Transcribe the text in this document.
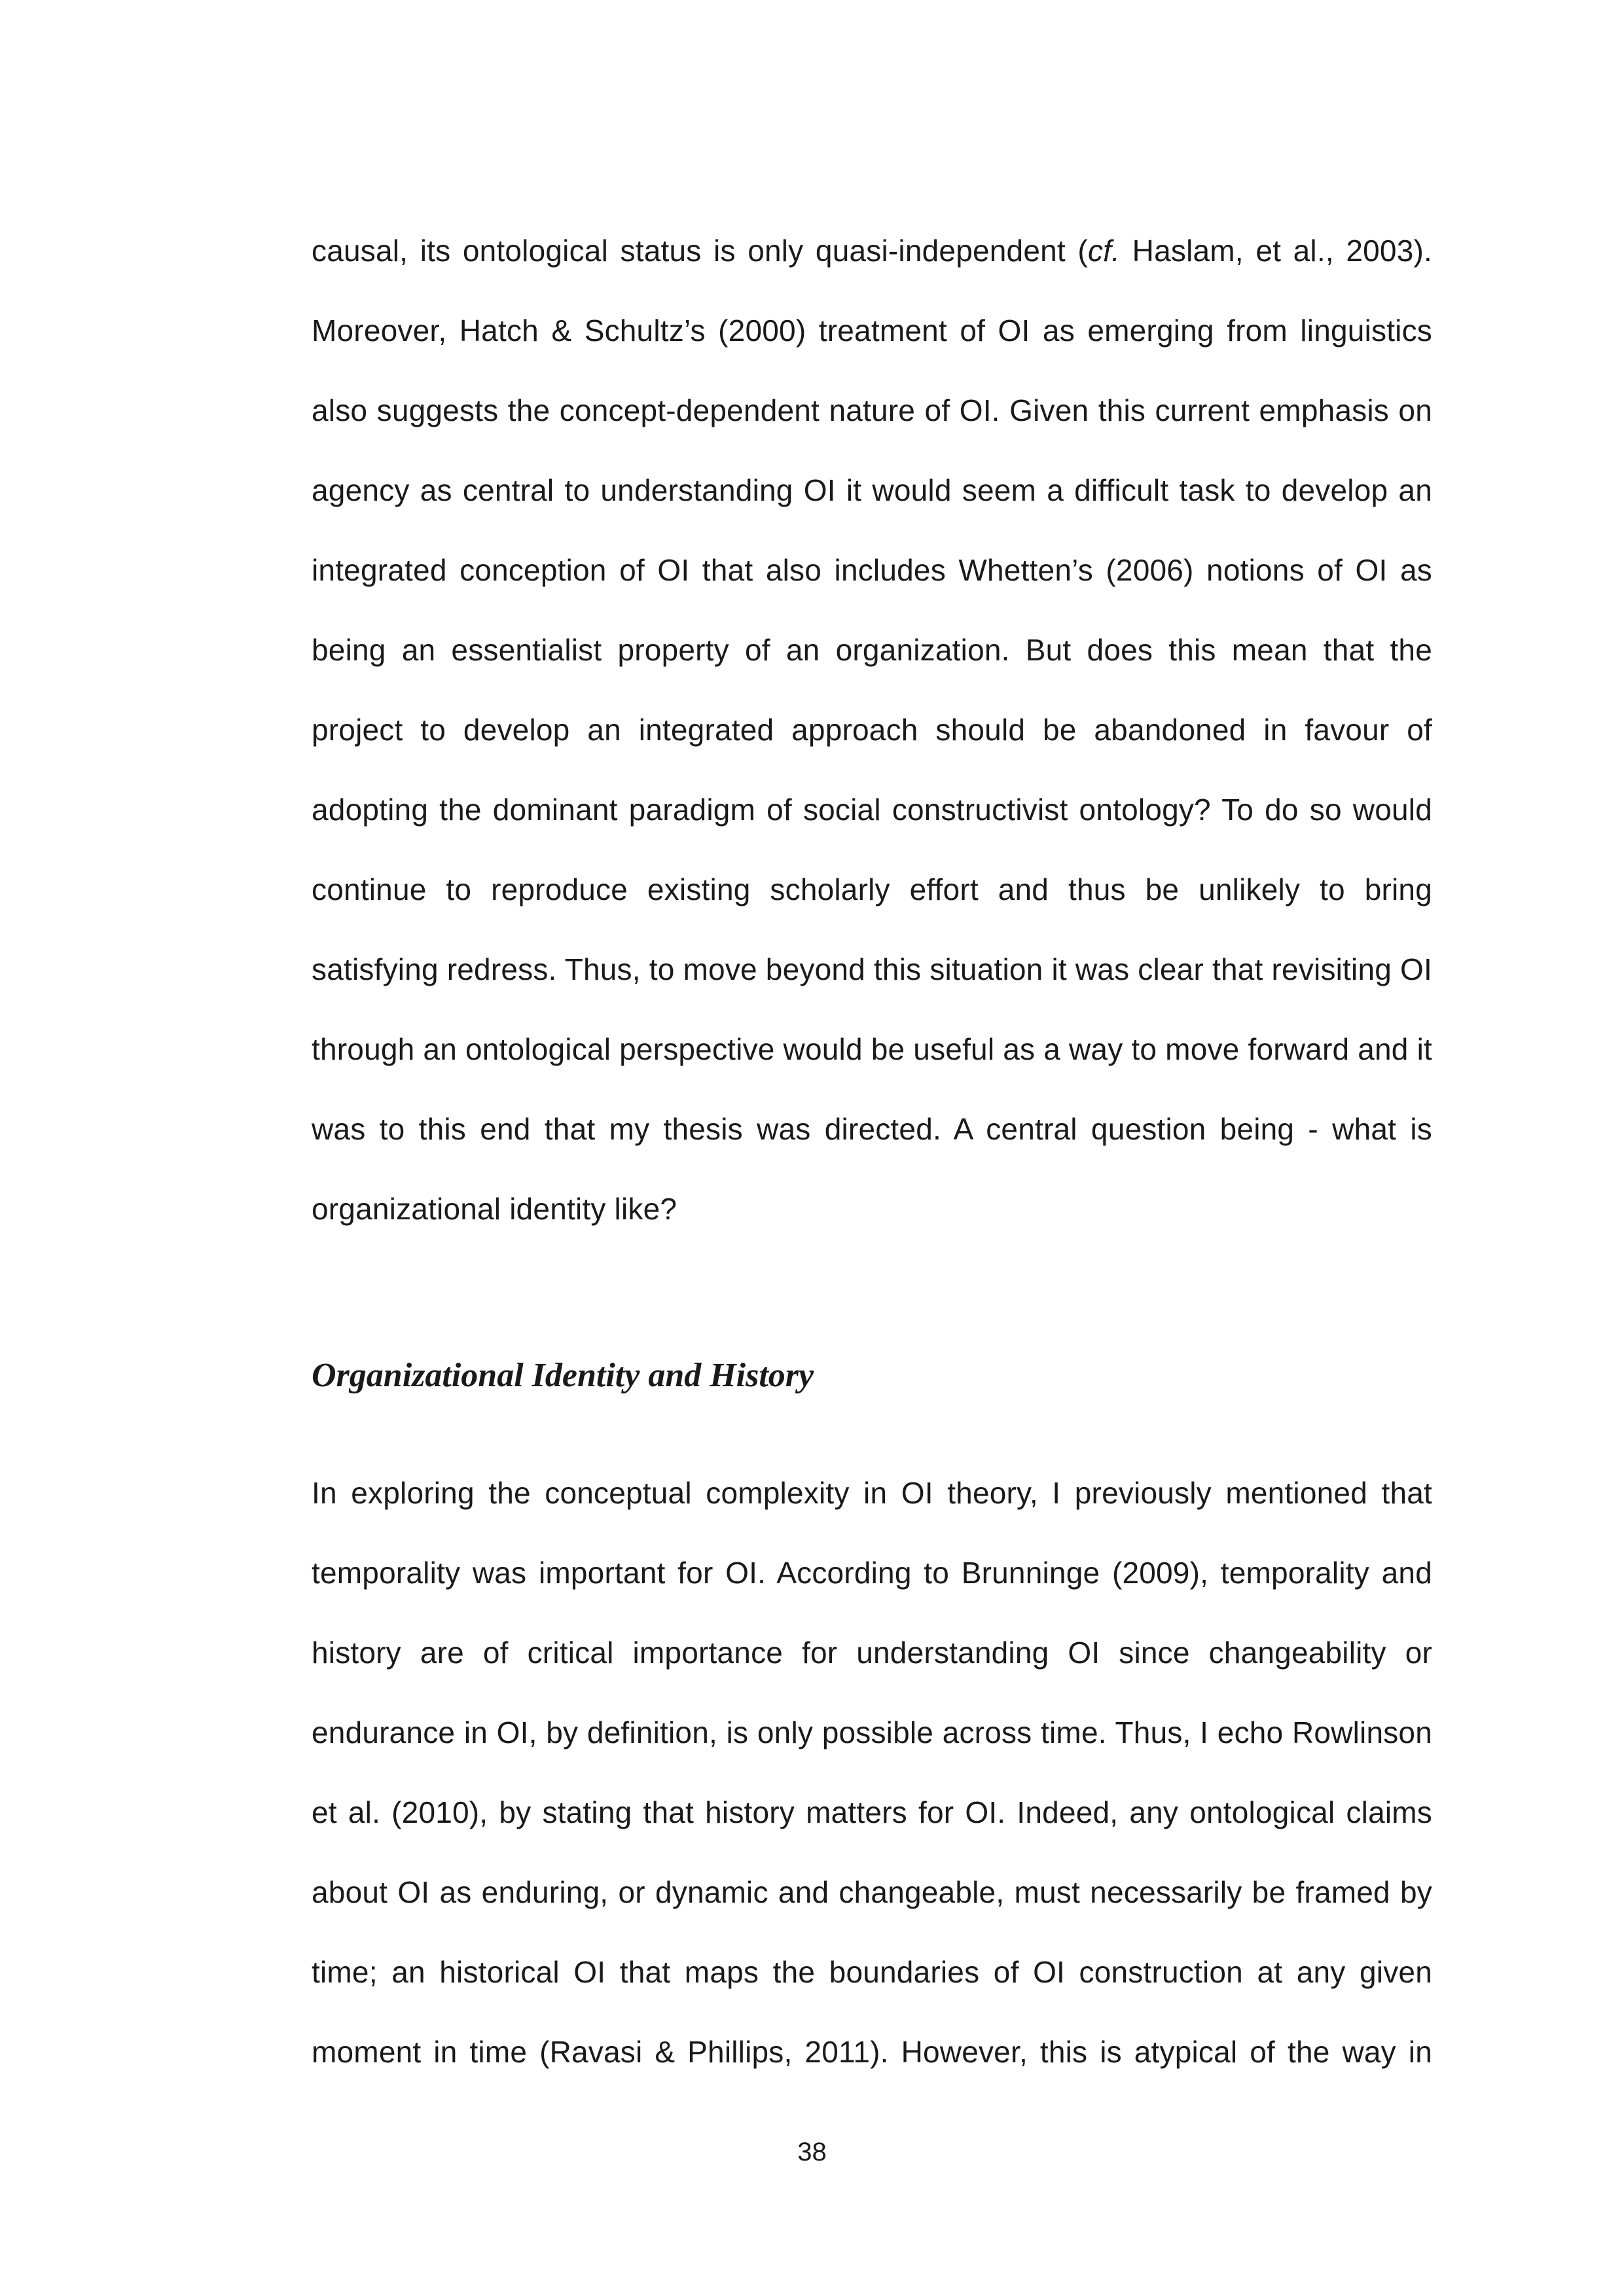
causal, its ontological status is only quasi-independent (cf. Haslam, et al., 2003).
Moreover, Hatch & Schultz’s (2000) treatment of OI as emerging from linguistics
also suggests the concept-dependent nature of OI. Given this current emphasis on
agency as central to understanding OI it would seem a difficult task to develop an
integrated conception of OI that also includes Whetten’s (2006) notions of OI as
being an essentialist property of an organization. But does this mean that the
project to develop an integrated approach should be abandoned in favour of
adopting the dominant paradigm of social constructivist ontology? To do so would
continue to reproduce existing scholarly effort and thus be unlikely to bring
satisfying redress. Thus, to move beyond this situation it was clear that revisiting OI
through an ontological perspective would be useful as a way to move forward and it
was to this end that my thesis was directed. A central question being - what is
organizational identity like?
Organizational Identity and History
In exploring the conceptual complexity in OI theory, I previously mentioned that
temporality was important for OI. According to Brunninge (2009), temporality and
history are of critical importance for understanding OI since changeability or
endurance in OI, by definition, is only possible across time. Thus, I echo Rowlinson
et al. (2010), by stating that history matters for OI. Indeed, any ontological claims
about OI as enduring, or dynamic and changeable, must necessarily be framed by
time; an historical OI that maps the boundaries of OI construction at any given
moment in time (Ravasi & Phillips, 2011). However, this is atypical of the way in
38
